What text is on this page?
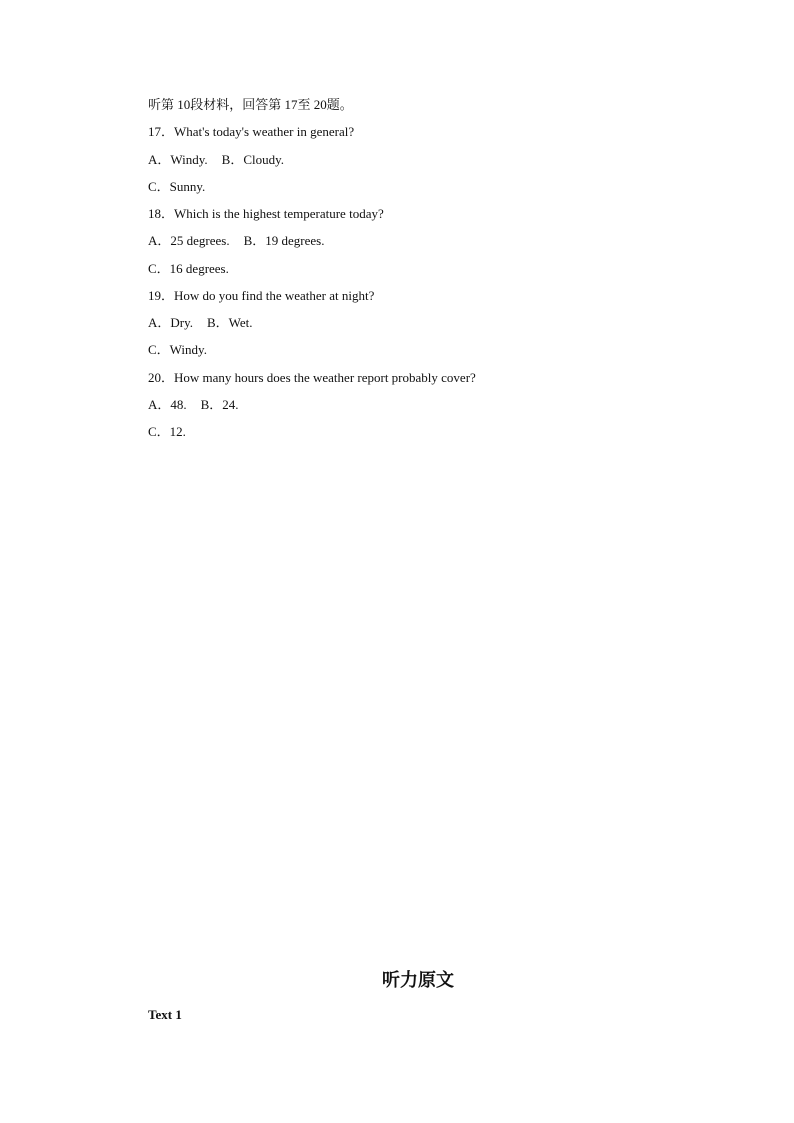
听第 10段材料，回答第 17至 20题。
17．What's today's weather in general?
A．Windy. B．Cloudy.
C．Sunny.
18．Which is the highest temperature today?
A．25 degrees. B．19 degrees.
C．16 degrees.
19．How do you find the weather at night?
A．Dry. B．Wet.
C．Windy.
20．How many hours does the weather report probably cover?
A．48. B．24.
C．12.
听力原文
Text 1
